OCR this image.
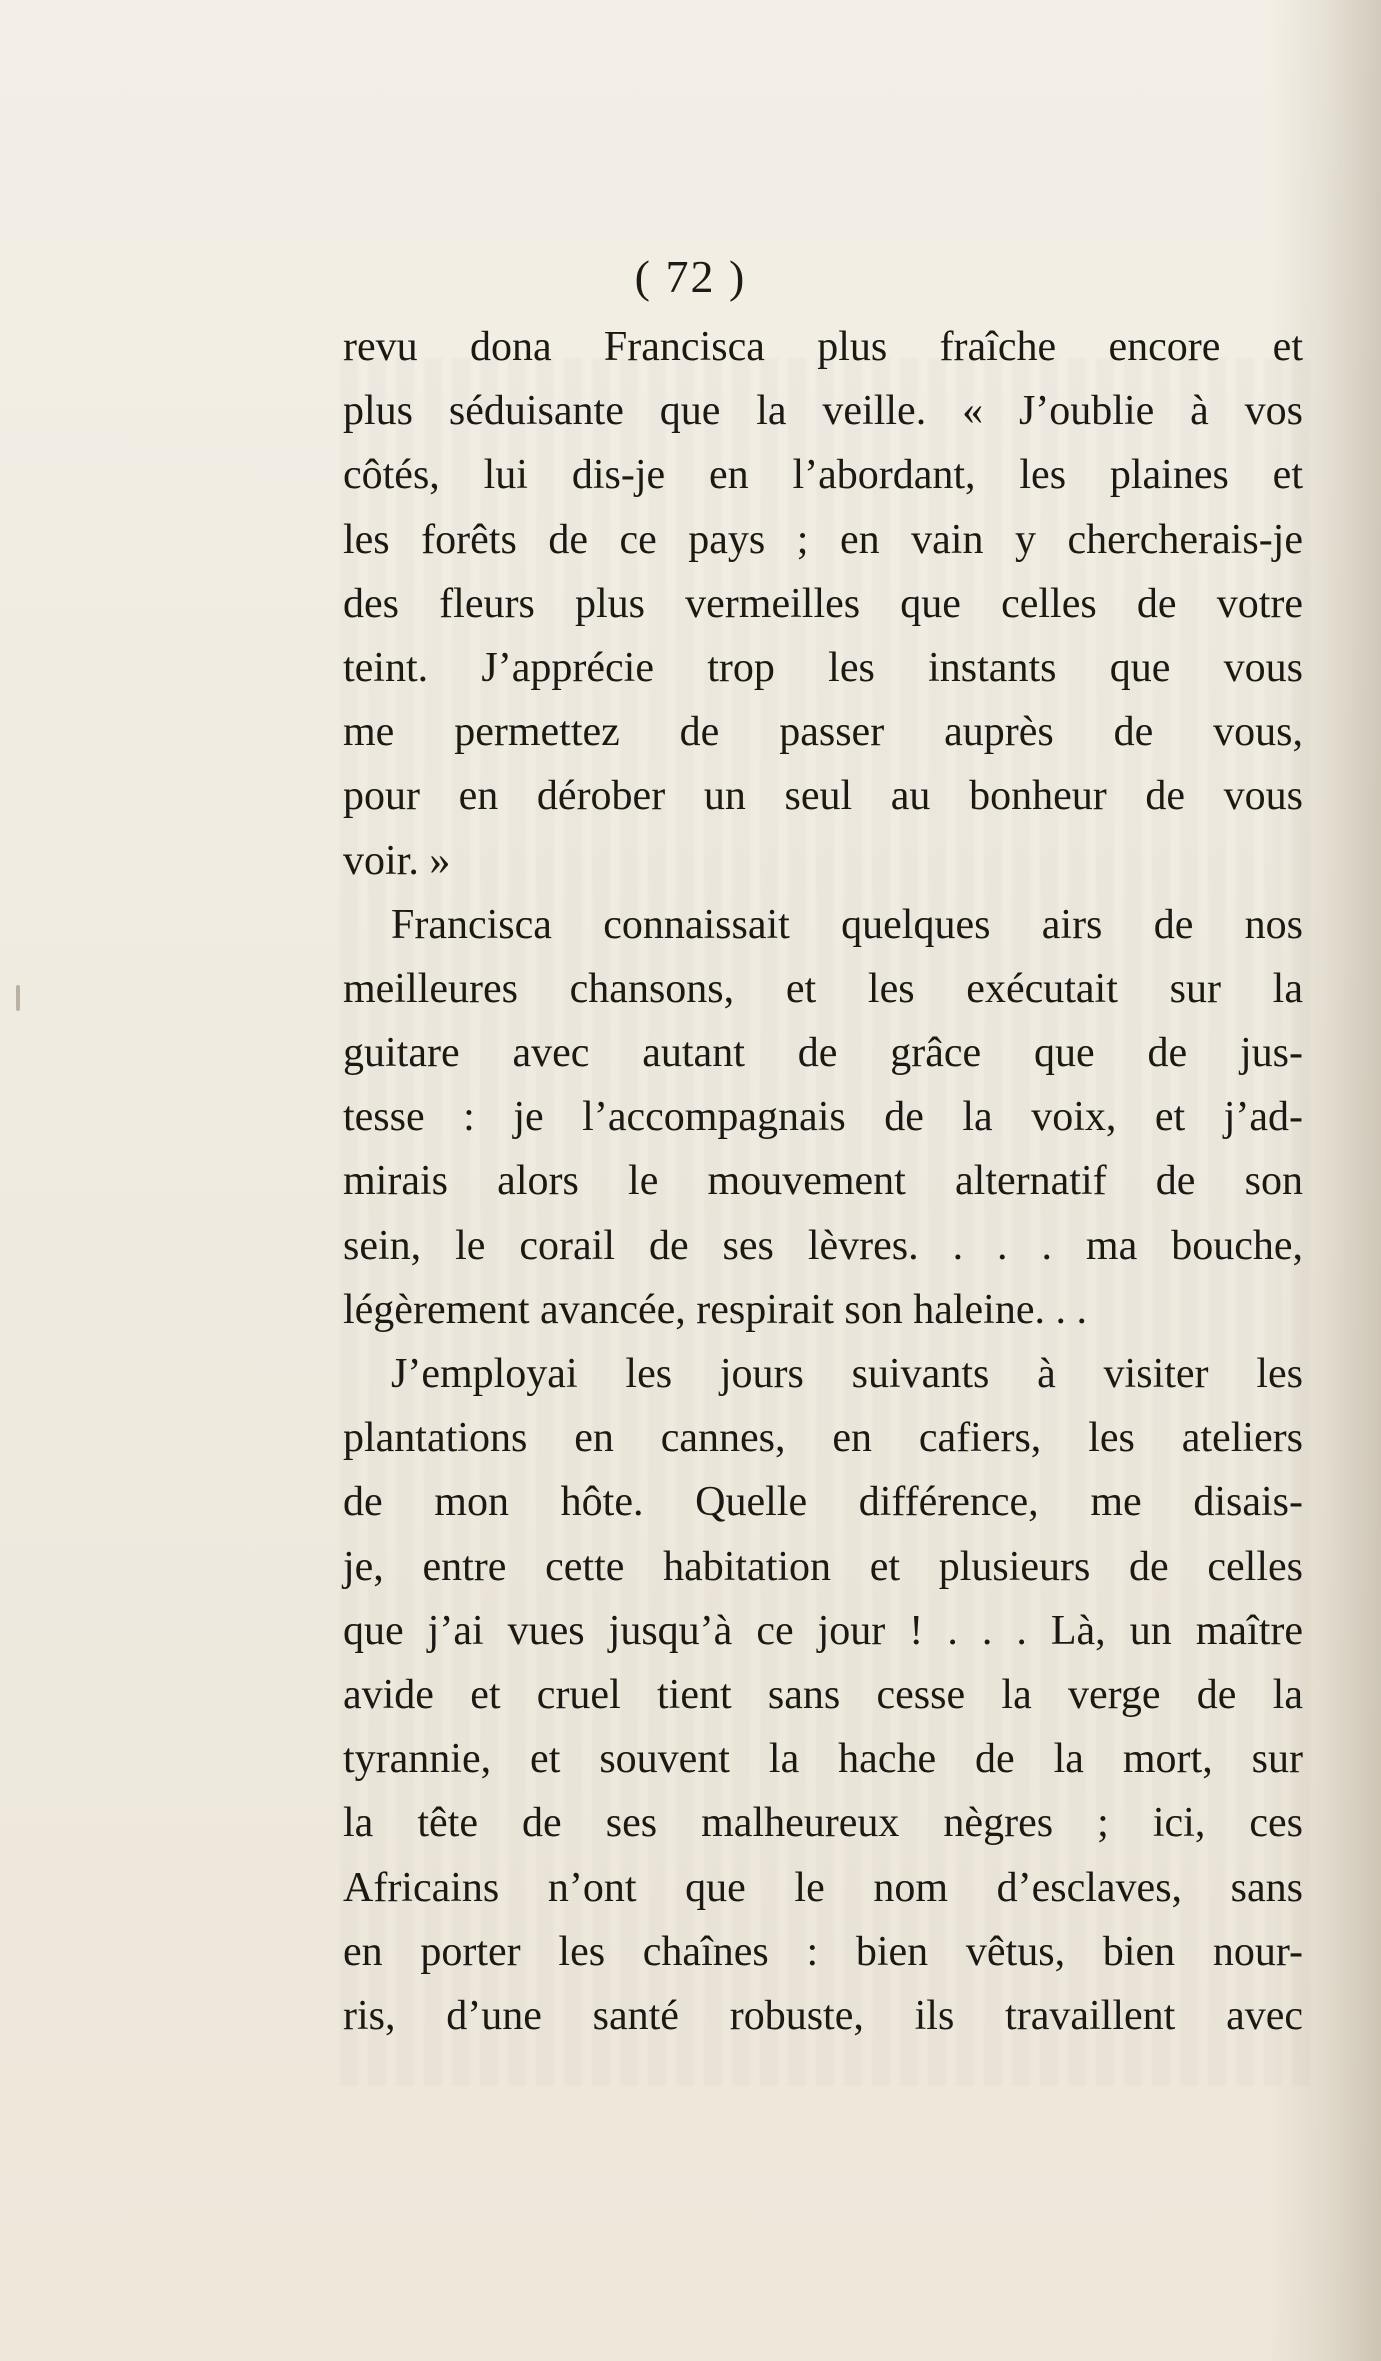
( 72 )
revu dona Francisca plus fraîche encore et
plus séduisante que la veille. « J’oublie à vos
côtés, lui dis-je en l’abordant, les plaines et
les forêts de ce pays ; en vain y chercherais-je
des fleurs plus vermeilles que celles de votre
teint. J’apprécie trop les instants que vous
me permettez de passer auprès de vous,
pour en dérober un seul au bonheur de vous
voir. »
Francisca connaissait quelques airs de nos
meilleures chansons, et les exécutait sur la
guitare avec autant de grâce que de jus-
tesse : je l’accompagnais de la voix, et j’ad-
mirais alors le mouvement alternatif de son
sein, le corail de ses lèvres. . . . ma bouche,
légèrement avancée, respirait son haleine. . .
J’employai les jours suivants à visiter les
plantations en cannes, en cafiers, les ateliers
de mon hôte. Quelle différence, me disais-
je, entre cette habitation et plusieurs de celles
que j’ai vues jusqu’à ce jour ! . . . Là, un maître
avide et cruel tient sans cesse la verge de la
tyrannie, et souvent la hache de la mort, sur
la tête de ses malheureux nègres ; ici, ces
Africains n’ont que le nom d’esclaves, sans
en porter les chaînes : bien vêtus, bien nour-
ris, d’une santé robuste, ils travaillent avec
